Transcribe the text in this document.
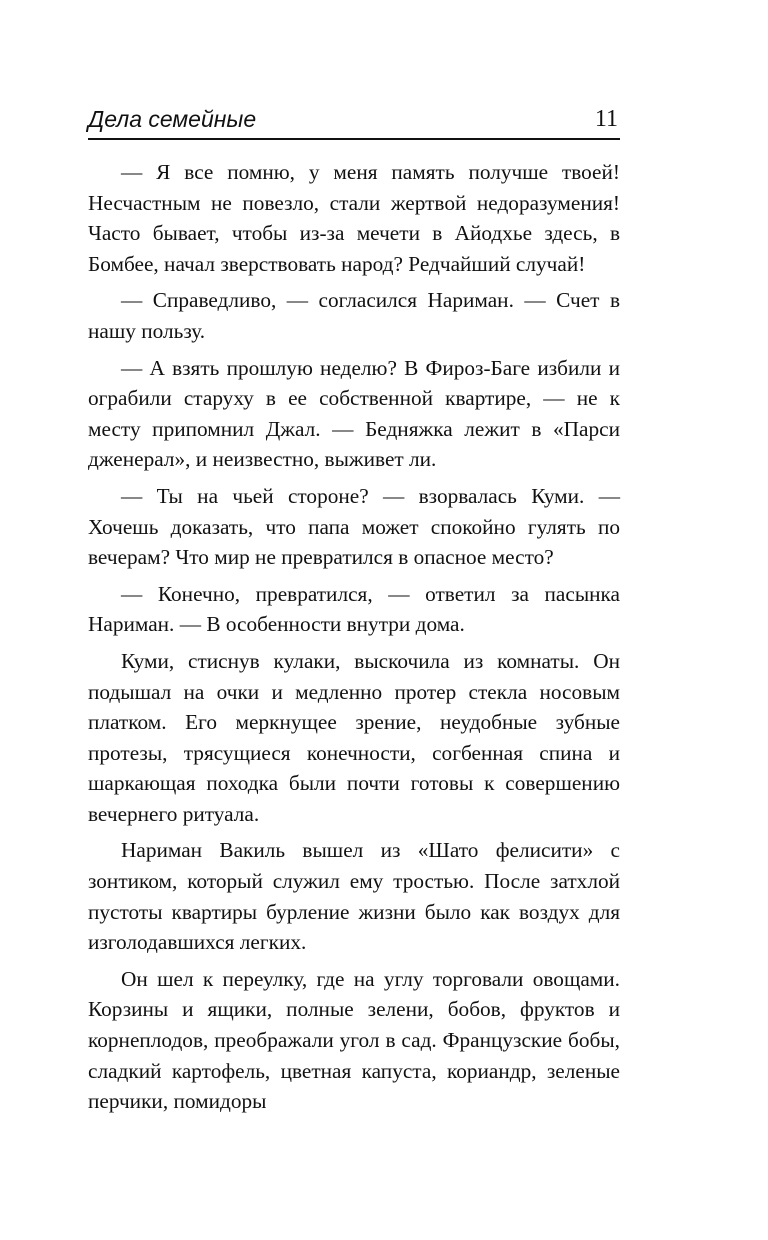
Дела семейные	11

— Я все помню, у меня память получше твоей! Несчастным не повезло, стали жертвой недоразумения! Часто бывает, чтобы из-за мечети в Айодхье здесь, в Бомбее, начал зверствовать народ? Редчайший случай!

— Справедливо, — согласился Нариман. — Счет в нашу пользу.

— А взять прошлую неделю? В Фироз-Баге избили и ограбили старуху в ее собственной квартире, — не к месту припомнил Джал. — Бедняжка лежит в «Парси дженерал», и неизвестно, выживет ли.

— Ты на чьей стороне? — взорвалась Куми. — Хочешь доказать, что папа может спокойно гулять по вечерам? Что мир не превратился в опасное место?

— Конечно, превратился, — ответил за пасынка Нариман. — В особенности внутри дома.

Куми, стиснув кулаки, выскочила из комнаты. Он подышал на очки и медленно протер стекла носовым платком. Его меркнущее зрение, неудобные зубные протезы, трясущиеся конечности, согбенная спина и шаркающая походка были почти готовы к совершению вечернего ритуала.

Нариман Вакиль вышел из «Шато фелисити» с зонтиком, который служил ему тростью. После затхлой пустоты квартиры бурление жизни было как воздух для изголодавшихся легких.

Он шел к переулку, где на углу торговали овощами. Корзины и ящики, полные зелени, бобов, фруктов и корнеплодов, преображали угол в сад. Французские бобы, сладкий картофель, цветная капуста, кориандр, зеленые перчики, помидоры
